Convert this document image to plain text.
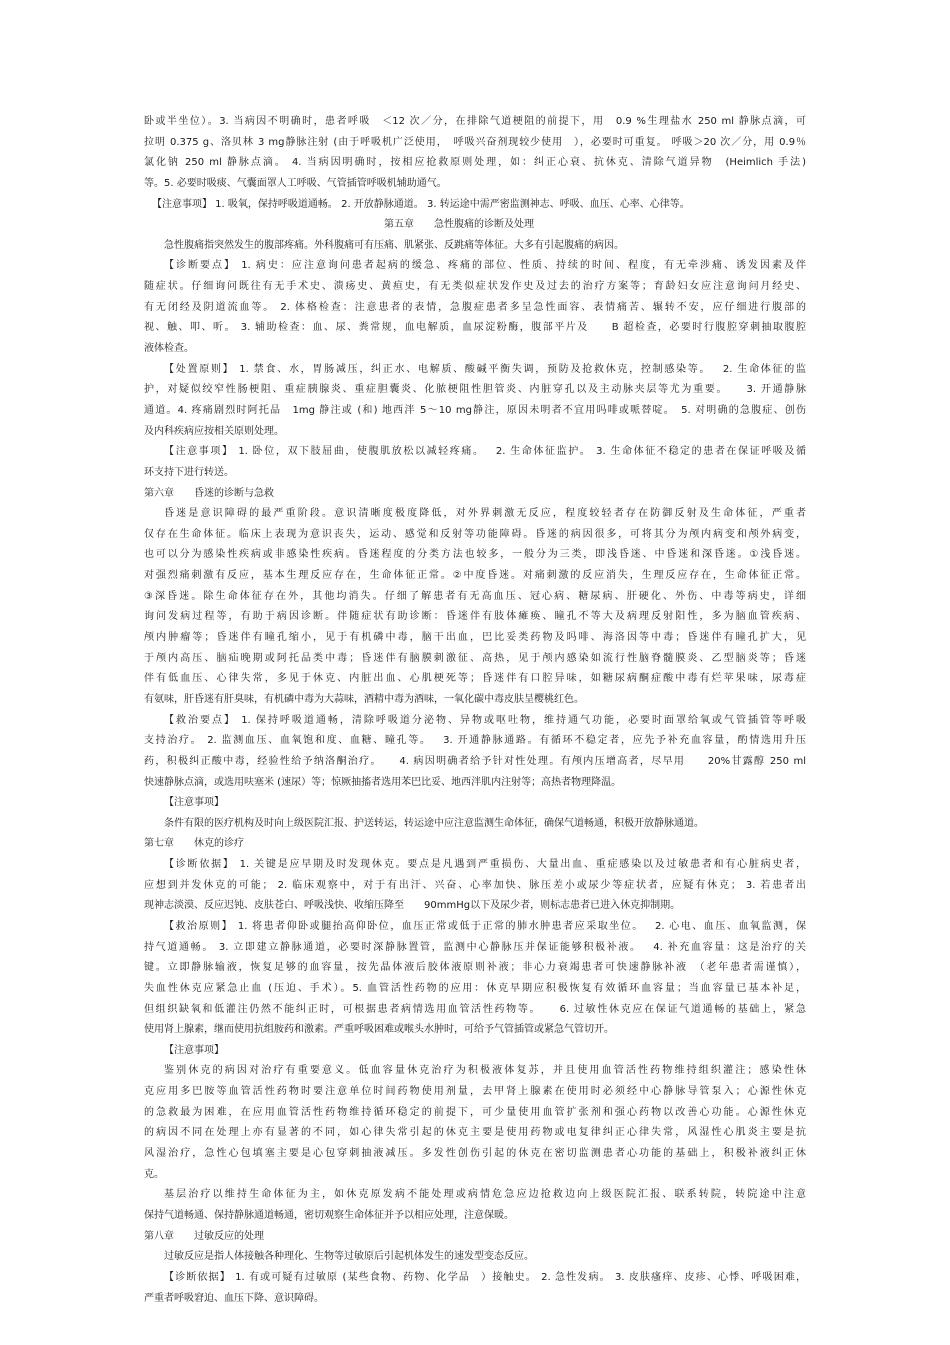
卧或半坐位）。3. 当病因不明确时，患者呼吸　＜12 次／分，在排除气道梗阻的前提下，用　0.9 %生理盐水 250 ml 静脉点滴，可
拉明 0.375 g、洛贝林 3 mg静脉注射 (由于呼吸机广泛使用，　呼吸兴奋剂现较少使用　），必要时可重复。 呼吸＞20 次／分，用 0.9％
氯化钠 250 ml 静脉点滴。 4. 当病因明确时，按相应抢救原则处理，如：纠正心衰、抗休克、清除气道异物　(Heimlich 手法)
等。5. 必要时吸痰、气囊面罩人工呼吸、气管插管呼吸机辅助通气。
【注意事项】 1. 吸氧，保持呼吸道通畅。 2. 开放静脉通道。 3. 转运途中需严密监测神志、呼吸、血压、心率、心律等。
第五章　　急性腹痛的诊断及处理
急性腹痛指突然发生的腹部疼痛。外科腹痛可有压痛、肌紧张、反跳痛等体征。大多有引起腹痛的病因。
【诊断要点】 1. 病史：应注意询问患者起病的缓急、疼痛的部位、性质、持续的时间、程度，有无牵涉痛、诱发因素及伴
随症状。仔细询问既往有无手术史、溃疡史、黄疸史，有无类似症状发作史及过去的治疗方案等；育龄妇女应注意询问月经史、
有无闭经及阴道流血等。 2. 体格检查：注意患者的表情，急腹症患者多呈急性面容、表情痛苦、辗转不安，应仔细进行腹部的
视、触、叩、听。 3. 辅助检查：血、尿、粪常规，血电解质，血尿淀粉酶，腹部平片及　　B 超检查，必要时行腹腔穿刺抽取腹腔
液体检查。
【处置原则】 1. 禁食、水，胃肠减压，纠正水、电解质、酸碱平衡失调，预防及抢救休克，控制感染等。　 2. 生命体征的监
护，对疑似绞窄性肠梗阻、重症胰腺炎、重症胆囊炎、化脓梗阻性胆管炎、内脏穿孔以及主动脉夹层等尤为重要。　　3. 开通静脉
通道。4. 疼痛剧烈时阿托品　1mg 静注或 (和) 地西泮 5～10 mg静注，原因未明者不宜用吗啡或哌替啶。　5. 对明确的急腹症、创伤
及内科疾病应按相关原则处理。
【注意事项】 1. 卧位，双下肢屈曲，使腹肌放松以减轻疼痛。　 2. 生命体征监护。 3. 生命体征不稳定的患者在保证呼吸及循
环支持下进行转送。
第六章　　昏迷的诊断与急救
昏迷是意识障碍的最严重阶段。意识清晰度极度降低，对外界刺激无反应，程度较轻者存在防御反射及生命体征，严重者
仅存在生命体征。临床上表现为意识丧失，运动、感觉和反射等功能障碍。昏迷的病因很多，可将其分为颅内病变和颅外病变，
也可以分为感染性疾病或非感染性疾病。昏迷程度的分类方法也较多，一般分为三类，即浅昏迷、中昏迷和深昏迷。①浅昏迷。
对强烈痛刺激有反应，基本生理反应存在，生命体征正常。②中度昏迷。对痛刺激的反应消失，生理反应存在，生命体征正常。
③深昏迷。除生命体征存在外，其他均消失。仔细了解患者有无高血压、冠心病、糖尿病、肝硬化、外伤、中毒等病史，详细
询问发病过程等，有助于病因诊断。伴随症状有助诊断：昏迷伴有肢体瘫痪、瞳孔不等大及病理反射阳性，多为脑血管疾病、
颅内肿瘤等；昏迷伴有瞳孔缩小，见于有机磷中毒，脑干出血，巴比妥类药物及吗啡、海洛因等中毒；昏迷伴有瞳孔扩大，见
于颅内高压、脑疝晚期或阿托品类中毒；昏迷伴有脑膜刺激征、高热，见于颅内感染如流行性脑脊髓膜炎、乙型脑炎等；昏迷
伴有低血压、心律失常，多见于休克、内脏出血、心肌梗死等；昏迷伴有口腔异味，如糖尿病酮症酸中毒有烂苹果味，尿毒症
有氨味，肝昏迷有肝臭味，有机磷中毒为大蒜味，酒精中毒为酒味，一氧化碳中毒皮肤呈樱桃红色。
【救治要点】 1. 保持呼吸道通畅，清除呼吸道分泌物、异物或呕吐物，维持通气功能，必要时面罩给氧或气管插管等呼吸
支持治疗。 2. 监测血压、血氧饱和度、血糖、瞳孔等。　 3. 开通静脉通路。有循环不稳定者，应先予补充血容量，酌情选用升压
药，积极纠正酸中毒，经验性给予纳洛酮治疗。　　4. 病因明确者给予针对性处理。有颅内压增高者，尽早用　　20%甘露醇 250 ml
快速静脉点滴，或选用呋塞米 (速尿）等；惊厥抽搐者选用苯巴比妥、地西泮肌内注射等；高热者物理降温。
【注意事项】
条件有限的医疗机构及时向上级医院汇报、护送转运，转运途中应注意监测生命体征，确保气道畅通，积极开放静脉通道。
第七章　　休克的诊疗
【诊断依据】 1. 关键是应早期及时发现休克。要点是凡遇到严重损伤、大量出血、重症感染以及过敏患者和有心脏病史者，
应想到并发休克的可能； 2. 临床观察中，对于有出汗、兴奋、心率加快、脉压差小或尿少等症状者，应疑有休克； 3. 若患者出
现神志淡漠、反应迟钝、皮肤苍白、呼吸浅快、收缩压降至　　90mmHg以下及尿少者，则标志患者已进入休克抑制期。
【救治原则】 1. 将患者仰卧或腿抬高仰卧位，血压正常或低于正常的肺水肿患者应采取坐位。　 2. 心电、血压、血氧监测，保
持气道通畅。 3. 立即建立静脉通道，必要时深静脉置管，监测中心静脉压并保证能够积极补液。　 4. 补充血容量：这是治疗的关
键。立即静脉输液，恢复足够的血容量，按先晶体液后胶体液原则补液；非心力衰竭患者可快速静脉补液　（老年患者需谨慎），
失血性休克应紧急止血 (压迫、手术）。5. 血管活性药物的应用：休克早期应积极恢复有效循环血容量；当血容量已基本补足，
但组织缺氧和低灌注仍然不能纠正时，可根据患者病情选用血管活性药物等。　　6. 过敏性休克应在保证气道通畅的基础上，紧急
使用肾上腺素，继而使用抗组胺药和激素。严重呼吸困难或喉头水肿时，可给予气管插管或紧急气管切开。
【注意事项】
鉴别休克的病因对治疗有重要意义。低血容量休克治疗为积极液体复苏，并且使用血管活性药物维持组织灌注；感染性休
克应用多巴胺等血管活性药物时要注意单位时间药物使用剂量，去甲肾上腺素在使用时必须经中心静脉导管泵入；心源性休克
的急救最为困难，在应用血管活性药物维持循环稳定的前提下，可少量使用血管扩张剂和强心药物以改善心功能。心源性休克
的病因不同在处理上亦有显著的不同，如心律失常引起的休克主要是使用药物或电复律纠正心律失常，风湿性心肌炎主要是抗
风湿治疗，急性心包填塞主要是心包穿刺抽液减压。多发性创伤引起的休克在密切监测患者心功能的基础上，积极补液纠正休
克。
基层治疗以维持生命体征为主，如休克原发病不能处理或病情危急应边抢救边向上级医院汇报、联系转院，转院途中注意
保持气道畅通、保持静脉通道畅通，密切观察生命体征并予以相应处理，注意保暖。
第八章　　过敏反应的处理
过敏反应是指人体接触各种理化、生物等过敏原后引起机体发生的速发型变态反应。
【诊断依据】 1. 有或可疑有过敏原 (某些食物、药物、化学品　）接触史。 2. 急性发病。 3. 皮肤瘙痒、皮疹、心悸、呼吸困难，
严重者呼吸窘迫、血压下降、意识障碍。
